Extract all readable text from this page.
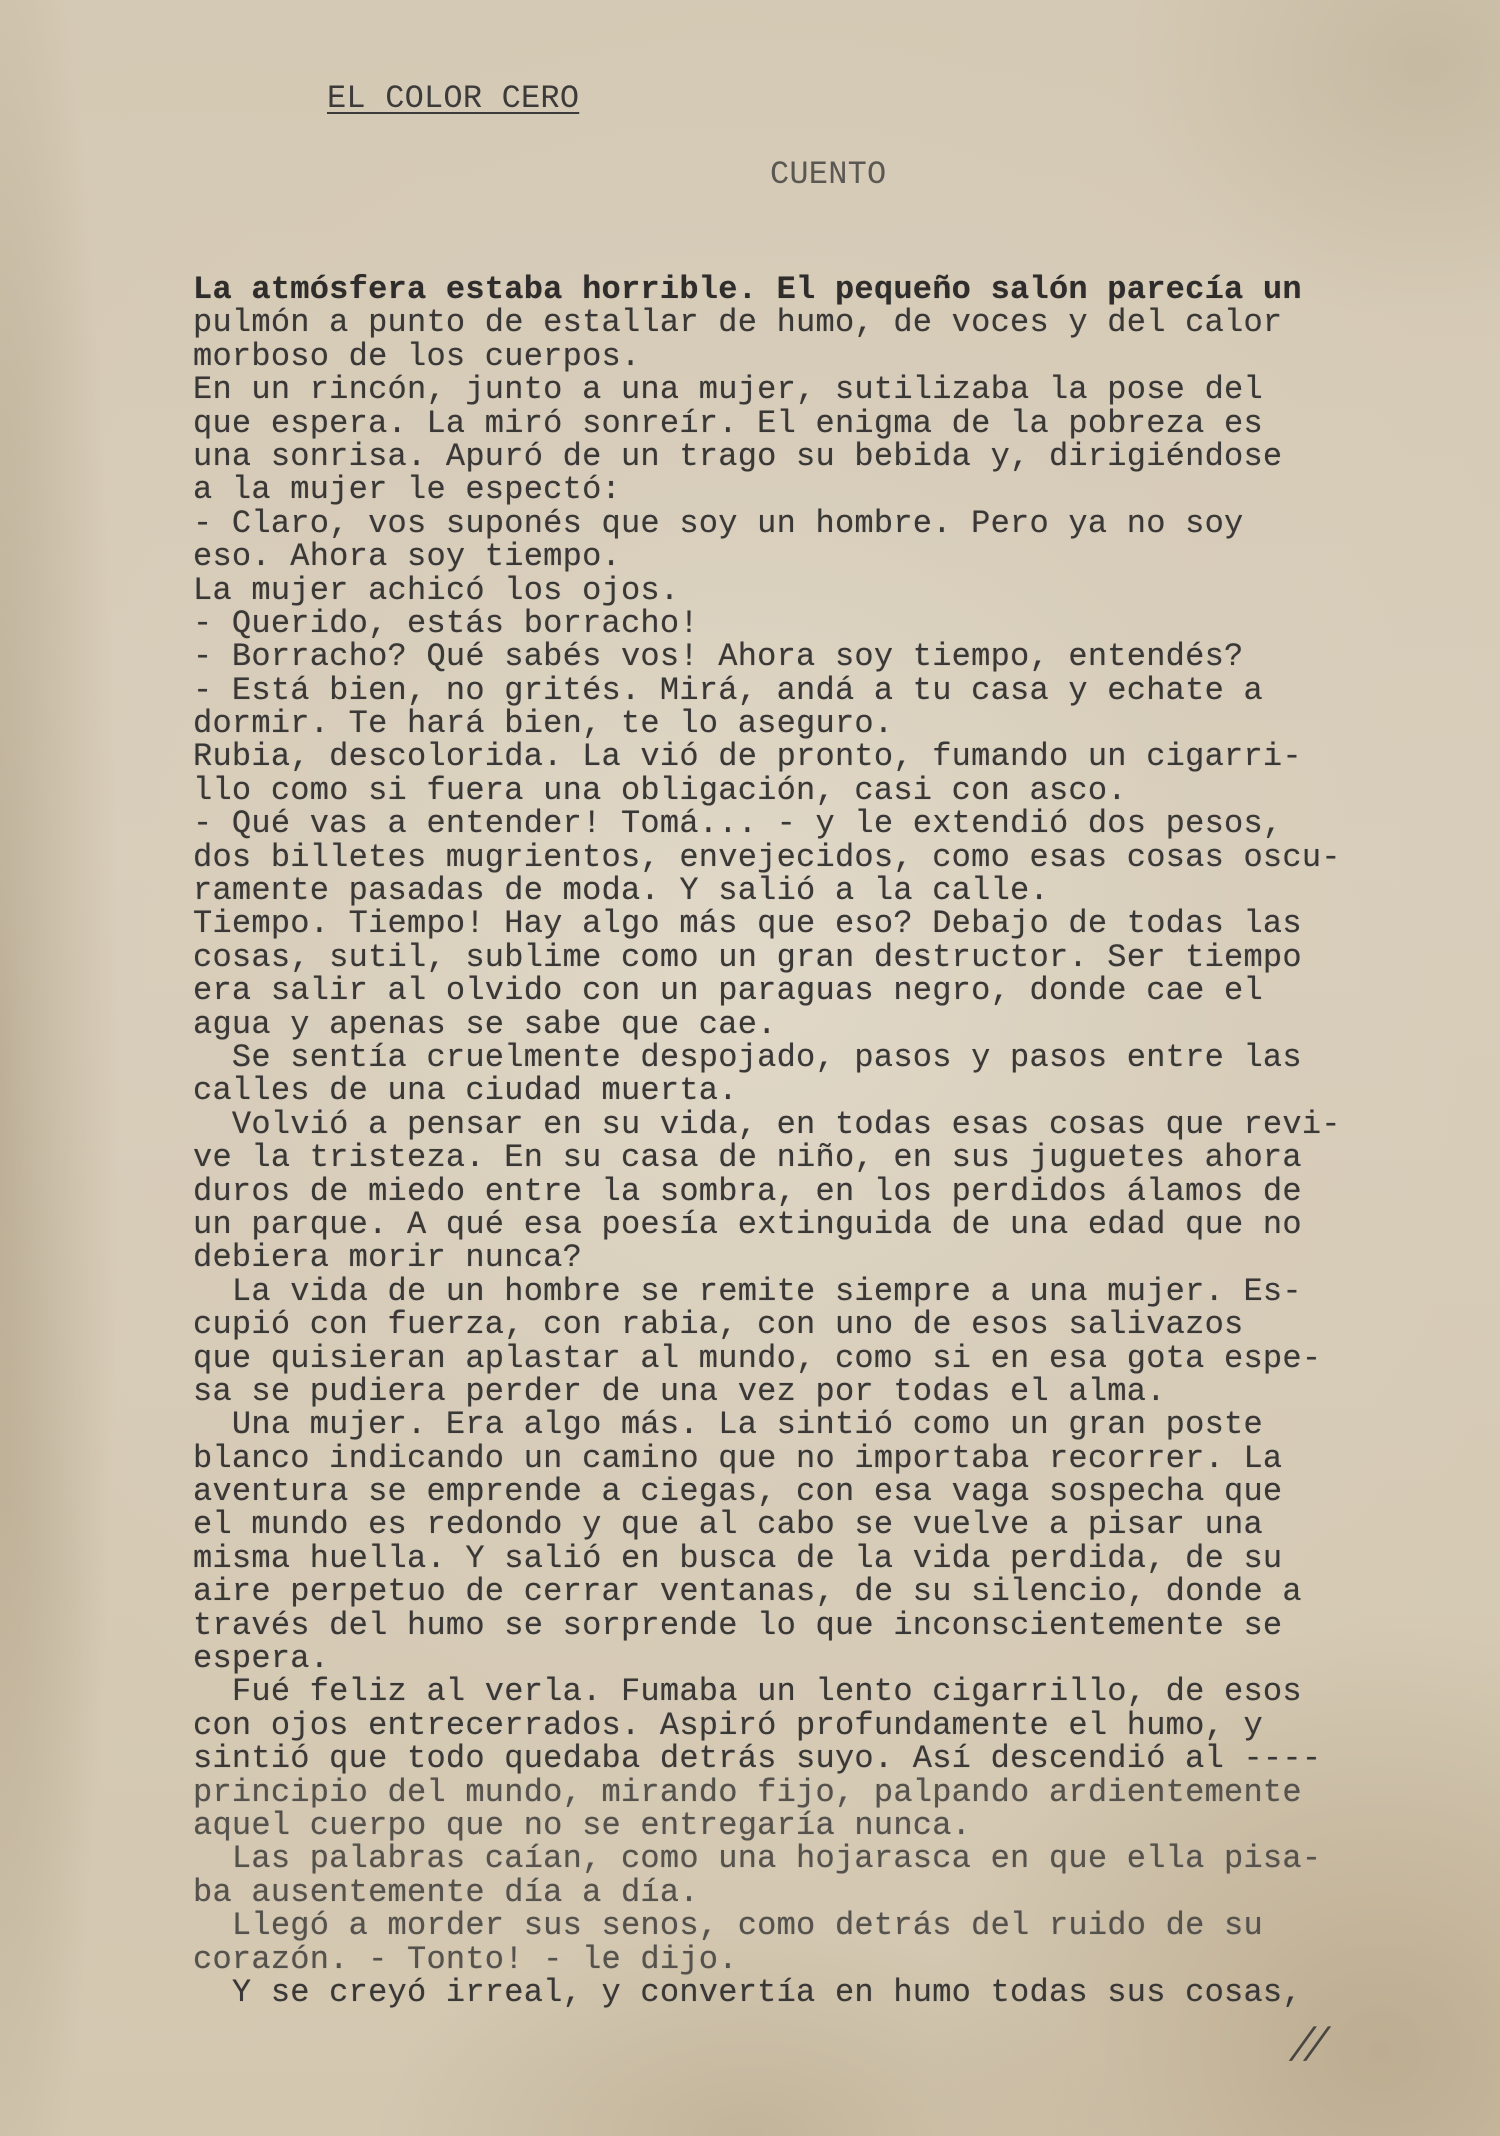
EL COLOR CERO
CUENTO
La atmósfera estaba horrible. El pequeño salón parecía un
pulmón a punto de estallar de humo, de voces y del calor
morboso de los cuerpos.
En un rincón, junto a una mujer, sutilizaba la pose del
que espera. La miró sonreír. El enigma de la pobreza es
una sonrisa. Apuró de un trago su bebida y, dirigiéndose
a la mujer le espectó:
- Claro, vos suponés que soy un hombre. Pero ya no soy
eso. Ahora soy tiempo.
La mujer achicó los ojos.
- Querido, estás borracho!
- Borracho? Qué sabés vos! Ahora soy tiempo, entendés?
- Está bien, no grités. Mirá, andá a tu casa y echate a
dormir. Te hará bien, te lo aseguro.
Rubia, descolorida. La vió de pronto, fumando un cigarri-
llo como si fuera una obligación, casi con asco.
- Qué vas a entender! Tomá... - y le extendió dos pesos,
dos billetes mugrientos, envejecidos, como esas cosas oscu-
ramente pasadas de moda. Y salió a la calle.
Tiempo. Tiempo! Hay algo más que eso? Debajo de todas las
cosas, sutil, sublime como un gran destructor. Ser tiempo
era salir al olvido con un paraguas negro, donde cae el
agua y apenas se sabe que cae.
Se sentía cruelmente despojado, pasos y pasos entre las
calles de una ciudad muerta.
Volvió a pensar en su vida, en todas esas cosas que revi-
ve la tristeza. En su casa de niño, en sus juguetes ahora
duros de miedo entre la sombra, en los perdidos álamos de
un parque. A qué esa poesía extinguida de una edad que no
debiera morir nunca?
La vida de un hombre se remite siempre a una mujer. Es-
cupió con fuerza, con rabia, con uno de esos salivazos
que quisieran aplastar al mundo, como si en esa gota espe-
sa se pudiera perder de una vez por todas el alma.
Una mujer. Era algo más. La sintió como un gran poste
blanco indicando un camino que no importaba recorrer. La
aventura se emprende a ciegas, con esa vaga sospecha que
el mundo es redondo y que al cabo se vuelve a pisar una
misma huella. Y salió en busca de la vida perdida, de su
aire perpetuo de cerrar ventanas, de su silencio, donde a
través del humo se sorprende lo que inconscientemente se
espera.
Fué feliz al verla. Fumaba un lento cigarrillo, de esos
con ojos entrecerrados. Aspiró profundamente el humo, y
sintió que todo quedaba detrás suyo. Así descendió al ----
principio del mundo, mirando fijo, palpando ardientemente
aquel cuerpo que no se entregaría nunca.
Las palabras caían, como una hojarasca en que ella pisa-
ba ausentemente día a día.
Llegó a morder sus senos, como detrás del ruido de su
corazón. - Tonto! - le dijo.
Y se creyó irreal, y convertía en humo todas sus cosas,
//
